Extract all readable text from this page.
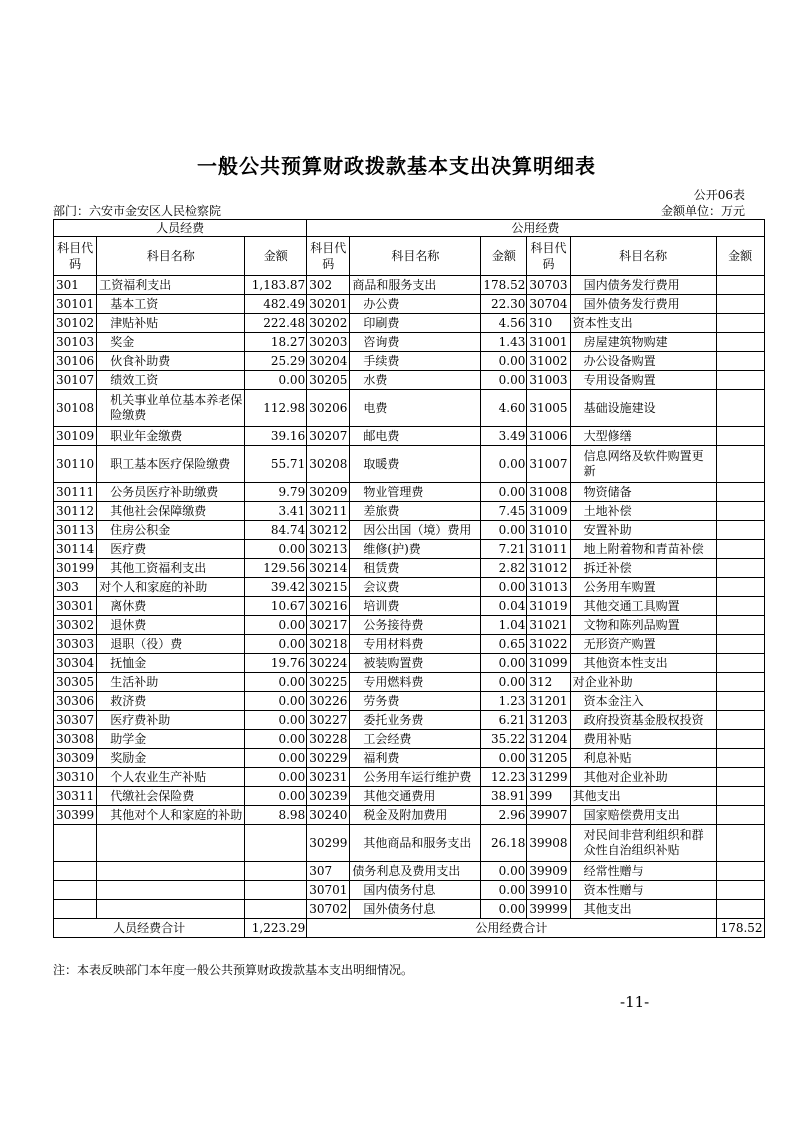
一般公共预算财政拨款基本支出决算明细表
公开06表
部门：六安市金安区人民检察院	金额单位：万元
人员经费			公用经费					
科目代码	科目名称	金额	科目代码	科目名称	金额	科目代码	科目名称	金额
301	工资福利支出	1,183.87	302	商品和服务支出	178.52	30703	国内债务发行费用	
30101	基本工资	482.49	30201	办公费	22.30	30704	国外债务发行费用	
30102	津贴补贴	222.48	30202	印刷费	4.56	310	资本性支出	
30103	奖金	18.27	30203	咨询费	1.43	31001	房屋建筑物购建	
30106	伙食补助费	25.29	30204	手续费	0.00	31002	办公设备购置	
30107	绩效工资	0.00	30205	水费	0.00	31003	专用设备购置	
30108	机关事业单位基本养老保险缴费	112.98	30206	电费	4.60	31005	基础设施建设	
30109	职业年金缴费	39.16	30207	邮电费	3.49	31006	大型修缮	
30110	职工基本医疗保险缴费	55.71	30208	取暖费	0.00	31007	信息网络及软件购置更新	
30111	公务员医疗补助缴费	9.79	30209	物业管理费	0.00	31008	物资储备	
30112	其他社会保障缴费	3.41	30211	差旅费	7.45	31009	土地补偿	
30113	住房公积金	84.74	30212	因公出国（境）费用	0.00	31010	安置补助	
30114	医疗费	0.00	30213	维修(护)费	7.21	31011	地上附着物和青苗补偿	
30199	其他工资福利支出	129.56	30214	租赁费	2.82	31012	拆迁补偿	
303	对个人和家庭的补助	39.42	30215	会议费	0.00	31013	公务用车购置	
30301	离休费	10.67	30216	培训费	0.04	31019	其他交通工具购置	
30302	退休费	0.00	30217	公务接待费	1.04	31021	文物和陈列品购置	
30303	退职（役）费	0.00	30218	专用材料费	0.65	31022	无形资产购置	
30304	抚恤金	19.76	30224	被装购置费	0.00	31099	其他资本性支出	
30305	生活补助	0.00	30225	专用燃料费	0.00	312	对企业补助	
30306	救济费	0.00	30226	劳务费	1.23	31201	资本金注入	
30307	医疗费补助	0.00	30227	委托业务费	6.21	31203	政府投资基金股权投资	
30308	助学金	0.00	30228	工会经费	35.22	31204	费用补贴	
30309	奖励金	0.00	30229	福利费	0.00	31205	利息补贴	
30310	个人农业生产补贴	0.00	30231	公务用车运行维护费	12.23	31299	其他对企业补助	
30311	代缴社会保险费	0.00	30239	其他交通费用	38.91	399	其他支出	
30399	其他对个人和家庭的补助	8.98	30240	税金及附加费用	2.96	39907	国家赔偿费用支出	
			30299	其他商品和服务支出	26.18	39908	对民间非营利组织和群众性自治组织补贴	
			307	债务利息及费用支出	0.00	39909	经常性赠与	
			30701	国内债务付息	0.00	39910	资本性赠与	
			30702	国外债务付息	0.00	39999	其他支出	
人员经费合计		1,223.29	公用经费合计					178.52
注：本表反映部门本年度一般公共预算财政拨款基本支出明细情况。
-11-
